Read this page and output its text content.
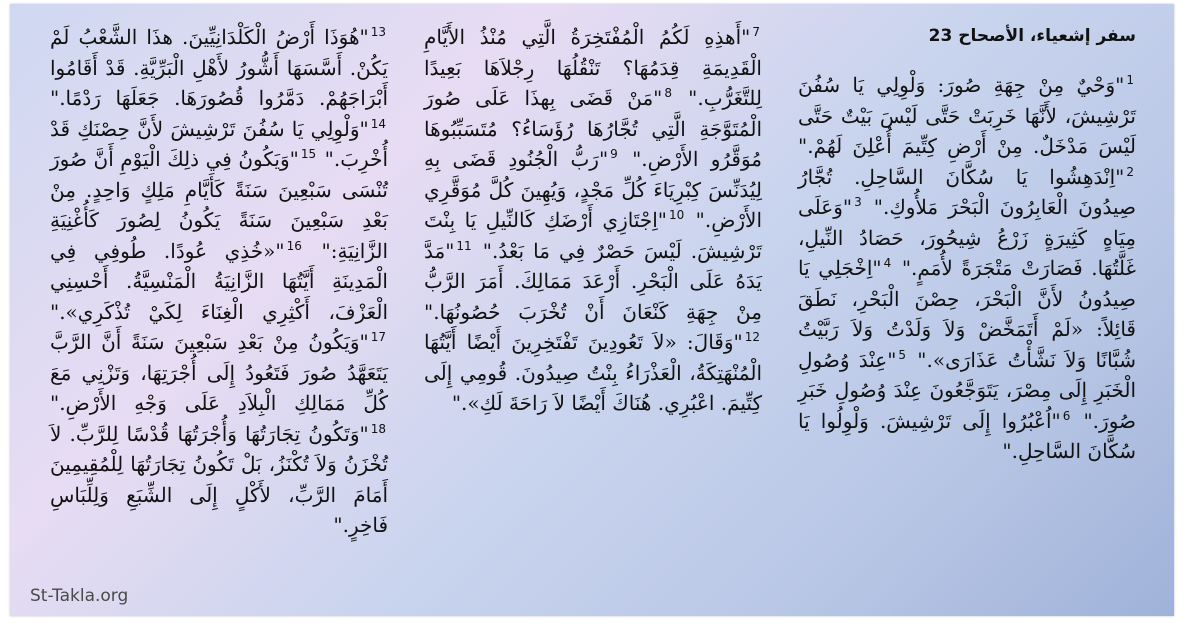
سفر إشعياء، الأصحاح 23

$^1$"وَحْيٌ مِنْ جِهَةِ صُورَ: وَلْوِلِي يَا سُفُنَ تَرْشِيشَ، لأَنَّهَا خَرِبَتْ حَتَّى لَيْسَ بَيْتٌ حَتَّى لَيْسَ مَدْخَلٌ. مِنْ أَرْضِ كِتِّيمَ أُعْلِنَ لَهُمْ." $^2$"اِنْدَهِشُوا يَا سُكَّانَ السَّاحِلِ. تُجَّارُ صِيدُونَ الْعَابِرُونَ الْبَحْرَ مَلأُوكِ." $^3$"وَعَلَى مِيَاهٍ كَثِيرَةٍ زَرْعُ شِيحُورَ، حَصَادُ النِّيلِ، غَلَّتُهَا. فَصَارَتْ مَتْجَرَةً لأُمَمٍ." $^4$"اِخْجَلِي يَا صِيدُونُ لأَنَّ الْبَحْرَ، حِصْنَ الْبَحْرِ، نَطَقَ قَائِلاً: «لَمْ أَتَمَخَّضْ وَلاَ وَلَدْتُ وَلاَ رَبَّيْتُ شُبَّانًا وَلاَ نَشَّأْتُ عَذَارَى»." $^5$"عِنْدَ وُصُولِ الْخَبَرِ إِلَى مِصْرَ، يَتَوَجَّعُونَ عِنْدَ وُصُولِ خَبَرِ صُورَ." $^6$"اُعْبُرُوا إِلَى تَرْشِيشَ. وَلْوِلُوا يَا سُكَّانَ السَّاحِلِ."

$^7$"أَهذِهِ لَكُمُ الْمُفْتَخِرَةُ الَّتِي مُنْذُ الأَيَّامِ الْقَدِيمَةِ قِدَمُهَا؟ تَنْقُلُهَا رِجْلاَهَا بَعِيدًا لِلتَّغَرُّبِ." $^8$"مَنْ قَضَى بِهذَا عَلَى صُورَ الْمُتَوَّجَةِ الَّتِي تُجَّارُهَا رُؤَسَاءُ؟ مُتَسَبِّبُوهَا مُوَقَّرُو الأَرْضِ." $^9$"رَبُّ الْجُنُودِ قَضَى بِهِ لِيُدَنِّسَ كِبْرِيَاءَ كُلِّ مَجْدٍ، وَيُهِينَ كُلَّ مُوَقَّرِي الأَرْضِ." $^{10}$"اِجْتَازِي أَرْضَكِ كَالنِّيلِ يَا بِنْتَ تَرْشِيشَ. لَيْسَ حَصْرٌ فِي مَا بَعْدُ." $^{11}$"مَدَّ يَدَهُ عَلَى الْبَحْرِ. أَرْعَدَ مَمَالِكَ. أَمَرَ الرَّبُّ مِنْ جِهَةِ كَنْعَانَ أَنْ تُخْرَبَ حُصُونُهَا." $^{12}$"وَقَالَ: «لاَ تَعُودِينَ تَفْتَخِرِينَ أَيْضًا أَيَّتُهَا الْمُنْهَتِكَةُ، الْعَذْرَاءُ بِنْتُ صِيدُونَ. قُومِي إِلَى كِتِّيمَ. اعْبُرِي. هُنَاكَ أَيْضًا لاَ رَاحَةَ لَكِ»."

$^{13}$"هُوَذَا أَرْضُ الْكَلْدَانِيِّينَ. هذَا الشَّعْبُ لَمْ يَكُنْ. أَسَّسَهَا أَشُّورُ لأَهْلِ الْبَرِّيَّةِ. قَدْ أَقَامُوا أَبْرَاجَهُمْ. دَمَّرُوا قُصُورَهَا. جَعَلَهَا رَدْمًا." $^{14}$"وَلْوِلِي يَا سُفُنَ تَرْشِيشَ لأَنَّ حِصْنَكِ قَدْ أُخْرِبَ." $^{15}$"وَيَكُونُ فِي ذلِكَ الْيَوْمِ أَنَّ صُورَ تُنْسَى سَبْعِينَ سَنَةً كَأَيَّامِ مَلِكٍ وَاحِدٍ. مِنْ بَعْدِ سَبْعِينَ سَنَةً يَكُونُ لِصُورَ كَأُغْنِيَةِ الزَّانِيَةِ:" $^{16}$"«خُذِي عُودًا. طُوفِي فِي الْمَدِينَةِ أَيَّتُهَا الزَّانِيَةُ الْمَنْسِيَّةُ. أَحْسِنِي الْعَزْفَ، أَكْثِرِي الْغِنَاءَ لِكَيْ تُذْكَرِي»." $^{17}$"وَيَكُونُ مِنْ بَعْدِ سَبْعِينَ سَنَةً أَنَّ الرَّبَّ يَتَعَهَّدُ صُورَ فَتَعُودُ إِلَى أُجْرَتِهَا، وَتَزْنِي مَعَ كُلِّ مَمَالِكِ الْبِلاَدِ عَلَى وَجْهِ الأَرْضِ." $^{18}$"وَتَكُونُ تِجَارَتُهَا وَأُجْرَتُهَا قُدْسًا لِلرَّبِّ. لاَ تُخْزَنُ وَلاَ تُكْنَزُ، بَلْ تَكُونُ تِجَارَتُهَا لِلْمُقِيمِينَ أَمَامَ الرَّبِّ، لأَكْلٍ إِلَى الشِّبَعِ وَلِلِّبَاسِ فَاخِرٍ."

St-Takla.org
